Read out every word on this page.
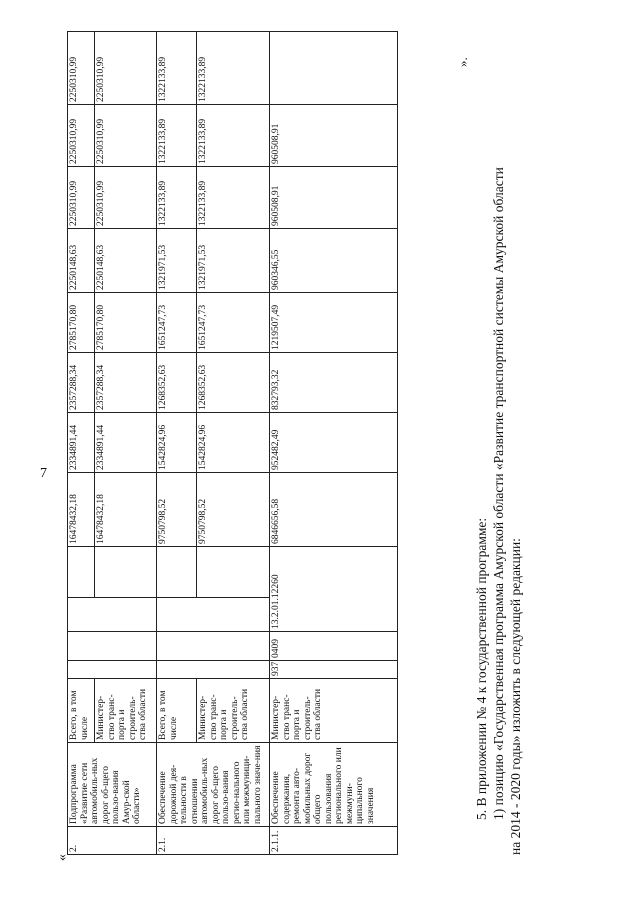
7
«
2.	Подпрограмма «Развитие сети автомобиль-ных дорог об-щего пользо-вания Амур-ской области»	Всего, в том числе					16478432,18	2334891,44	2357288,34	2785170,80	2250148,63	2250310,99	2250310,99	2250310,99
		Министер-ство транс-порта и строитель-ства области					16478432,18	2334891,44	2357288,34	2785170,80	2250148,63	2250310,99	2250310,99	2250310,99
2.1.	Обеспечение дорожной дея-тельности в отношении автомобиль-ных дорог об-щего пользо-вания регио-нального или межмуници-пального значе-ния	Всего, в том числе					9750798,52	1542824,96	1268352,63	1651247,73	1321971,53	1322133,89	1322133,89	1322133,89
		Министер-ство транс-порта и строитель-ства области					9750798,52	1542824,96	1268352,63	1651247,73	1321971,53	1322133,89	1322133,89	1322133,89
2.1.1.	Обеспечение содержания, ремонта авто-мобильных дорог общего пользования регионального или межмуни-ципального значения	Министер-ство транс-порта и строитель-ства области	937	0409	13.2.01.12260		6846656,58	952482,49	832793,32	1219507,49	960346,55	960508,91	960508,91	
».
5. В приложении № 4 к государственной программе: 1) позицию «Государственная программа Амурской области «Развитие транспортной системы Амурской области на 2014 - 2020 годы» изложить в следующей редакции:
